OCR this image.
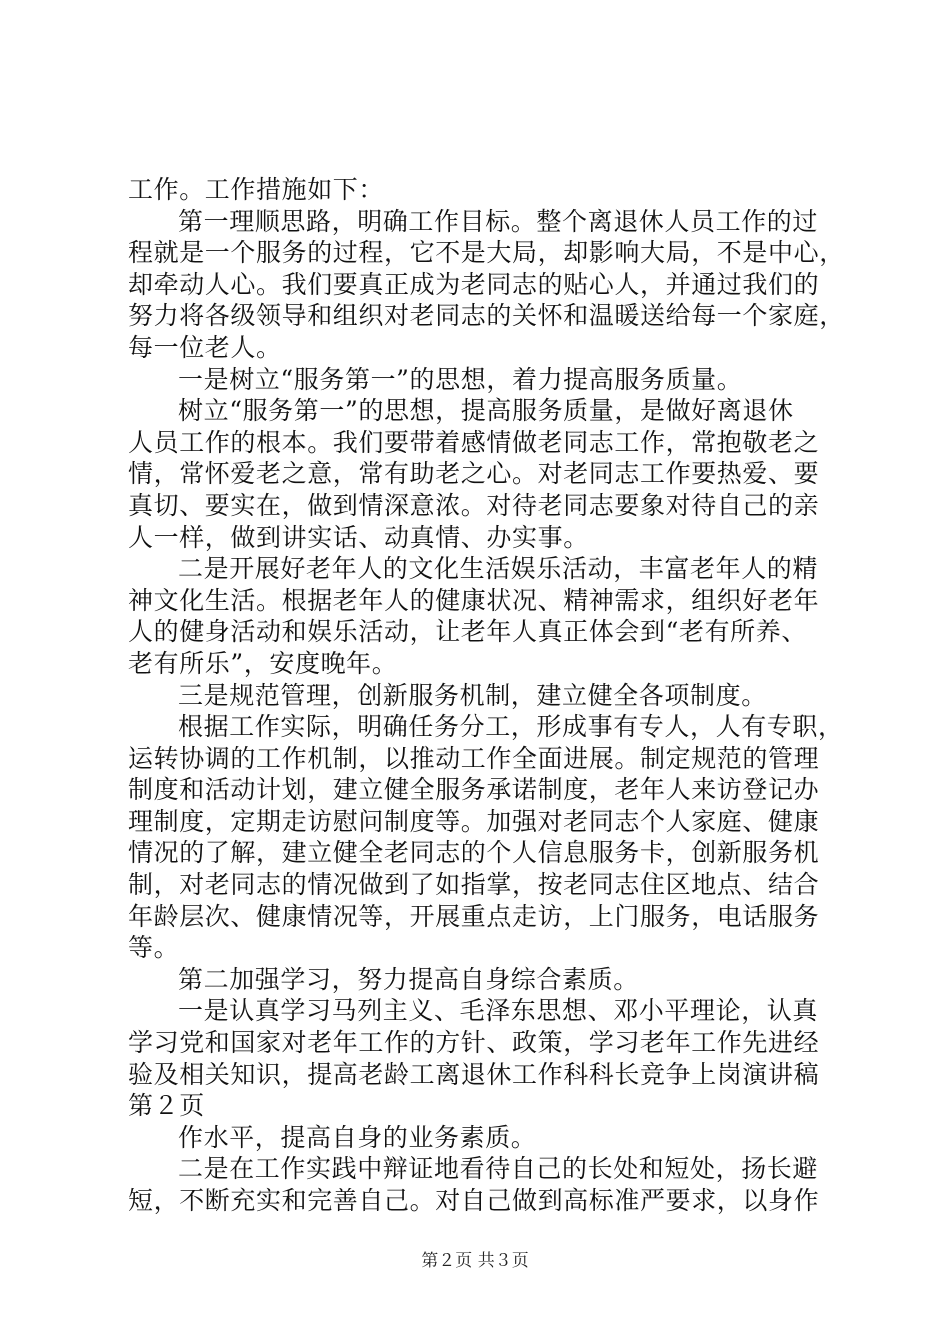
工作。工作措施如下：
第一理顺思路，明确工作目标。整个离退休人员工作的过
程就是一个服务的过程，它不是大局，却影响大局，不是中心，
却牵动人心。我们要真正成为老同志的贴心人，并通过我们的
努力将各级领导和组织对老同志的关怀和温暖送给每一个家庭，
每一位老人。
一是树立“服务第一”的思想，着力提高服务质量。
树立“服务第一”的思想，提高服务质量，是做好离退休
人员工作的根本。我们要带着感情做老同志工作，常抱敬老之
情，常怀爱老之意，常有助老之心。对老同志工作要热爱、要
真切、要实在，做到情深意浓。对待老同志要象对待自己的亲
人一样，做到讲实话、动真情、办实事。
二是开展好老年人的文化生活娱乐活动，丰富老年人的精
神文化生活。根据老年人的健康状况、精神需求，组织好老年
人的健身活动和娱乐活动，让老年人真正体会到“老有所养、
老有所乐”，安度晚年。
三是规范管理，创新服务机制，建立健全各项制度。
根据工作实际，明确任务分工，形成事有专人，人有专职，
运转协调的工作机制，以推动工作全面进展。制定规范的管理
制度和活动计划，建立健全服务承诺制度，老年人来访登记办
理制度，定期走访慰问制度等。加强对老同志个人家庭、健康
情况的了解，建立健全老同志的个人信息服务卡，创新服务机
制，对老同志的情况做到了如指掌，按老同志住区地点、结合
年龄层次、健康情况等，开展重点走访，上门服务，电话服务
等。
第二加强学习，努力提高自身综合素质。
一是认真学习马列主义、毛泽东思想、邓小平理论，认真
学习党和国家对老年工作的方针、政策，学习老年工作先进经
验及相关知识，提高老龄工离退休工作科科长竞争上岗演讲稿
第２页
作水平，提高自身的业务素质。
二是在工作实践中辩证地看待自己的长处和短处，扬长避
短，不断充实和完善自己。对自己做到高标准严要求，以身作
第２页 共３页
